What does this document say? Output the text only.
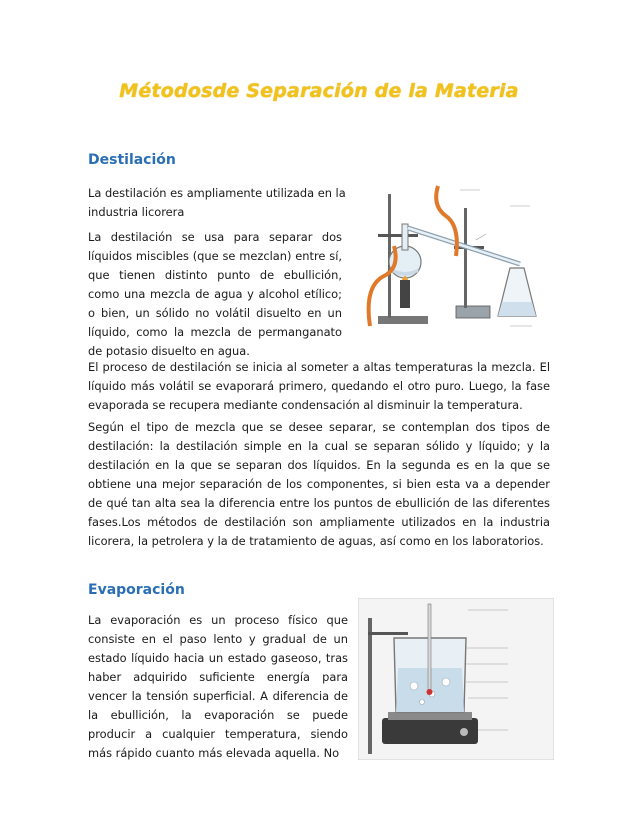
Métodosde Separación de la Materia
Destilación

La destilación es ampliamente utilizada en la industria licorera

La destilación se usa para separar dos líquidos miscibles (que se mezclan) entre sí, que tienen distinto punto de ebullición, como una mezcla de agua y alcohol etílico; o bien, un sólido no volátil disuelto en un líquido, como la mezcla de permanganato de potasio disuelto en agua.

El proceso de destilación se inicia al someter a altas temperaturas la mezcla. El líquido más volátil se evaporará primero, quedando el otro puro. Luego, la fase evaporada se recupera mediante condensación al disminuir la temperatura.

Según el tipo de mezcla que se desee separar, se contemplan dos tipos de destilación: la destilación simple en la cual se separan sólido y líquido; y la destilación en la que se separan dos líquidos. En la segunda es en la que se obtiene una mejor separación de los componentes, si bien esta va a depender de qué tan alta sea la diferencia entre los puntos de ebullición de las diferentes fases.Los métodos de destilación son ampliamente utilizados en la industria licorera, la petrolera y la de tratamiento de aguas, así como en los laboratorios.

Evaporación

La evaporación es un proceso físico que consiste en el paso lento y gradual de un estado líquido hacia un estado gaseoso, tras haber adquirido suficiente energía para vencer la tensión superficial. A diferencia de la ebullición, la evaporación se puede producir a cualquier temperatura, siendo más rápido cuanto más elevada aquella. No
